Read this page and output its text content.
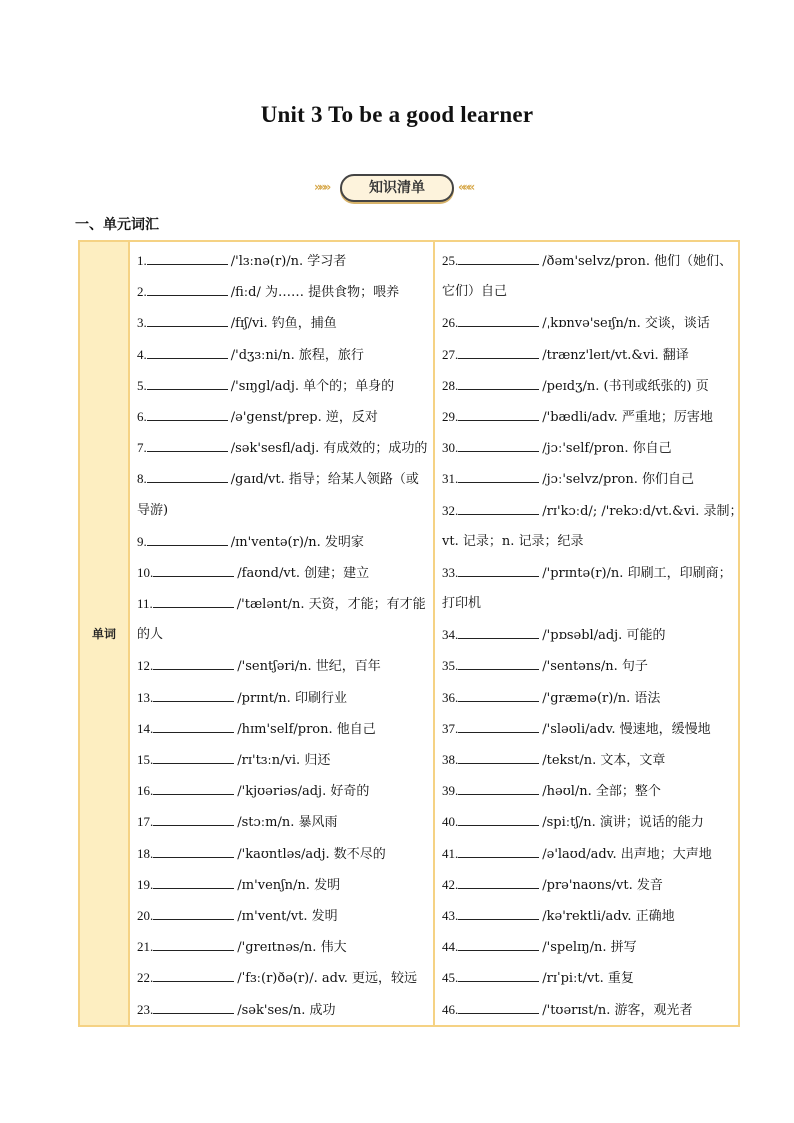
Unit 3 To be a good learner
»»»	知识清单	«««
一、单元词汇
单词	
1.	/'lɜːnə(r)/n. 学习者
2.	/fiːd/ 为…… 提供食物；喂养
3.	/fɪʃ/vi. 钓鱼，捕鱼
4.	/'dʒɜːni/n. 旅程，旅行
5.	/'sɪŋgl/adj. 单个的；单身的
6.	/ə'genst/prep. 逆，反对
7.	/sək'sesfl/adj. 有成效的；成功的
8.	/gaɪd/vt. 指导；给某人领路（或
导游)
9.	/ɪn'ventə(r)/n. 发明家
10.	/faʊnd/vt. 创建；建立
11.	/'tælənt/n. 天资，才能；有才能
的人
12.	/'sentʃəri/n. 世纪，百年
13.	/prɪnt/n. 印刷行业
14.	/hɪm'self/pron. 他自己
15.	/rɪ'tɜːn/vi. 归还
16.	/'kjʊəriəs/adj. 好奇的
17.	/stɔːm/n. 暴风雨
18.	/'kaʊntləs/adj. 数不尽的
19.	/ɪn'venʃn/n. 发明
20.	/ɪn'vent/vt. 发明
21.	/'greɪtnəs/n. 伟大
22.	/ˈfɜː(r)ðə(r)/. adv. 更远，较远
23.	/sək'ses/n. 成功

25.	/ðəm'selvz/pron. 他们（她们、
它们）自己
26.	/ˌkɒnvə'seɪʃn/n. 交谈，谈话
27.	/trænz'leɪt/vt.&vi. 翻译
28.	/peɪdʒ/n. (书刊或纸张的) 页
29.	/'bædli/adv. 严重地；厉害地
30.	/jɔː'self/pron. 你自己
31.	/jɔː'selvz/pron. 你们自己
32.	/rɪ'kɔːd/; /'rekɔːd/vt.&vi. 录制；
vt. 记录；n. 记录；纪录
33.	/'prɪntə(r)/n. 印刷工，印刷商；
打印机
34.	/'pɒsəbl/adj. 可能的
35.	/'sentəns/n. 句子
36.	/'græmə(r)/n. 语法
37.	/'sləʊli/adv. 慢速地，缓慢地
38.	/tekst/n. 文本，文章
39.	/həʊl/n. 全部；整个
40.	/spiːtʃ/n. 演讲；说话的能力
41.	/ə'laʊd/adv. 出声地；大声地
42.	/prə'naʊns/vt. 发音
43.	/kə'rektli/adv. 正确地
44.	/'spelɪŋ/n. 拼写
45.	/rɪˈpiːt/vt. 重复
46.	/'tʊərɪst/n. 游客，观光者
